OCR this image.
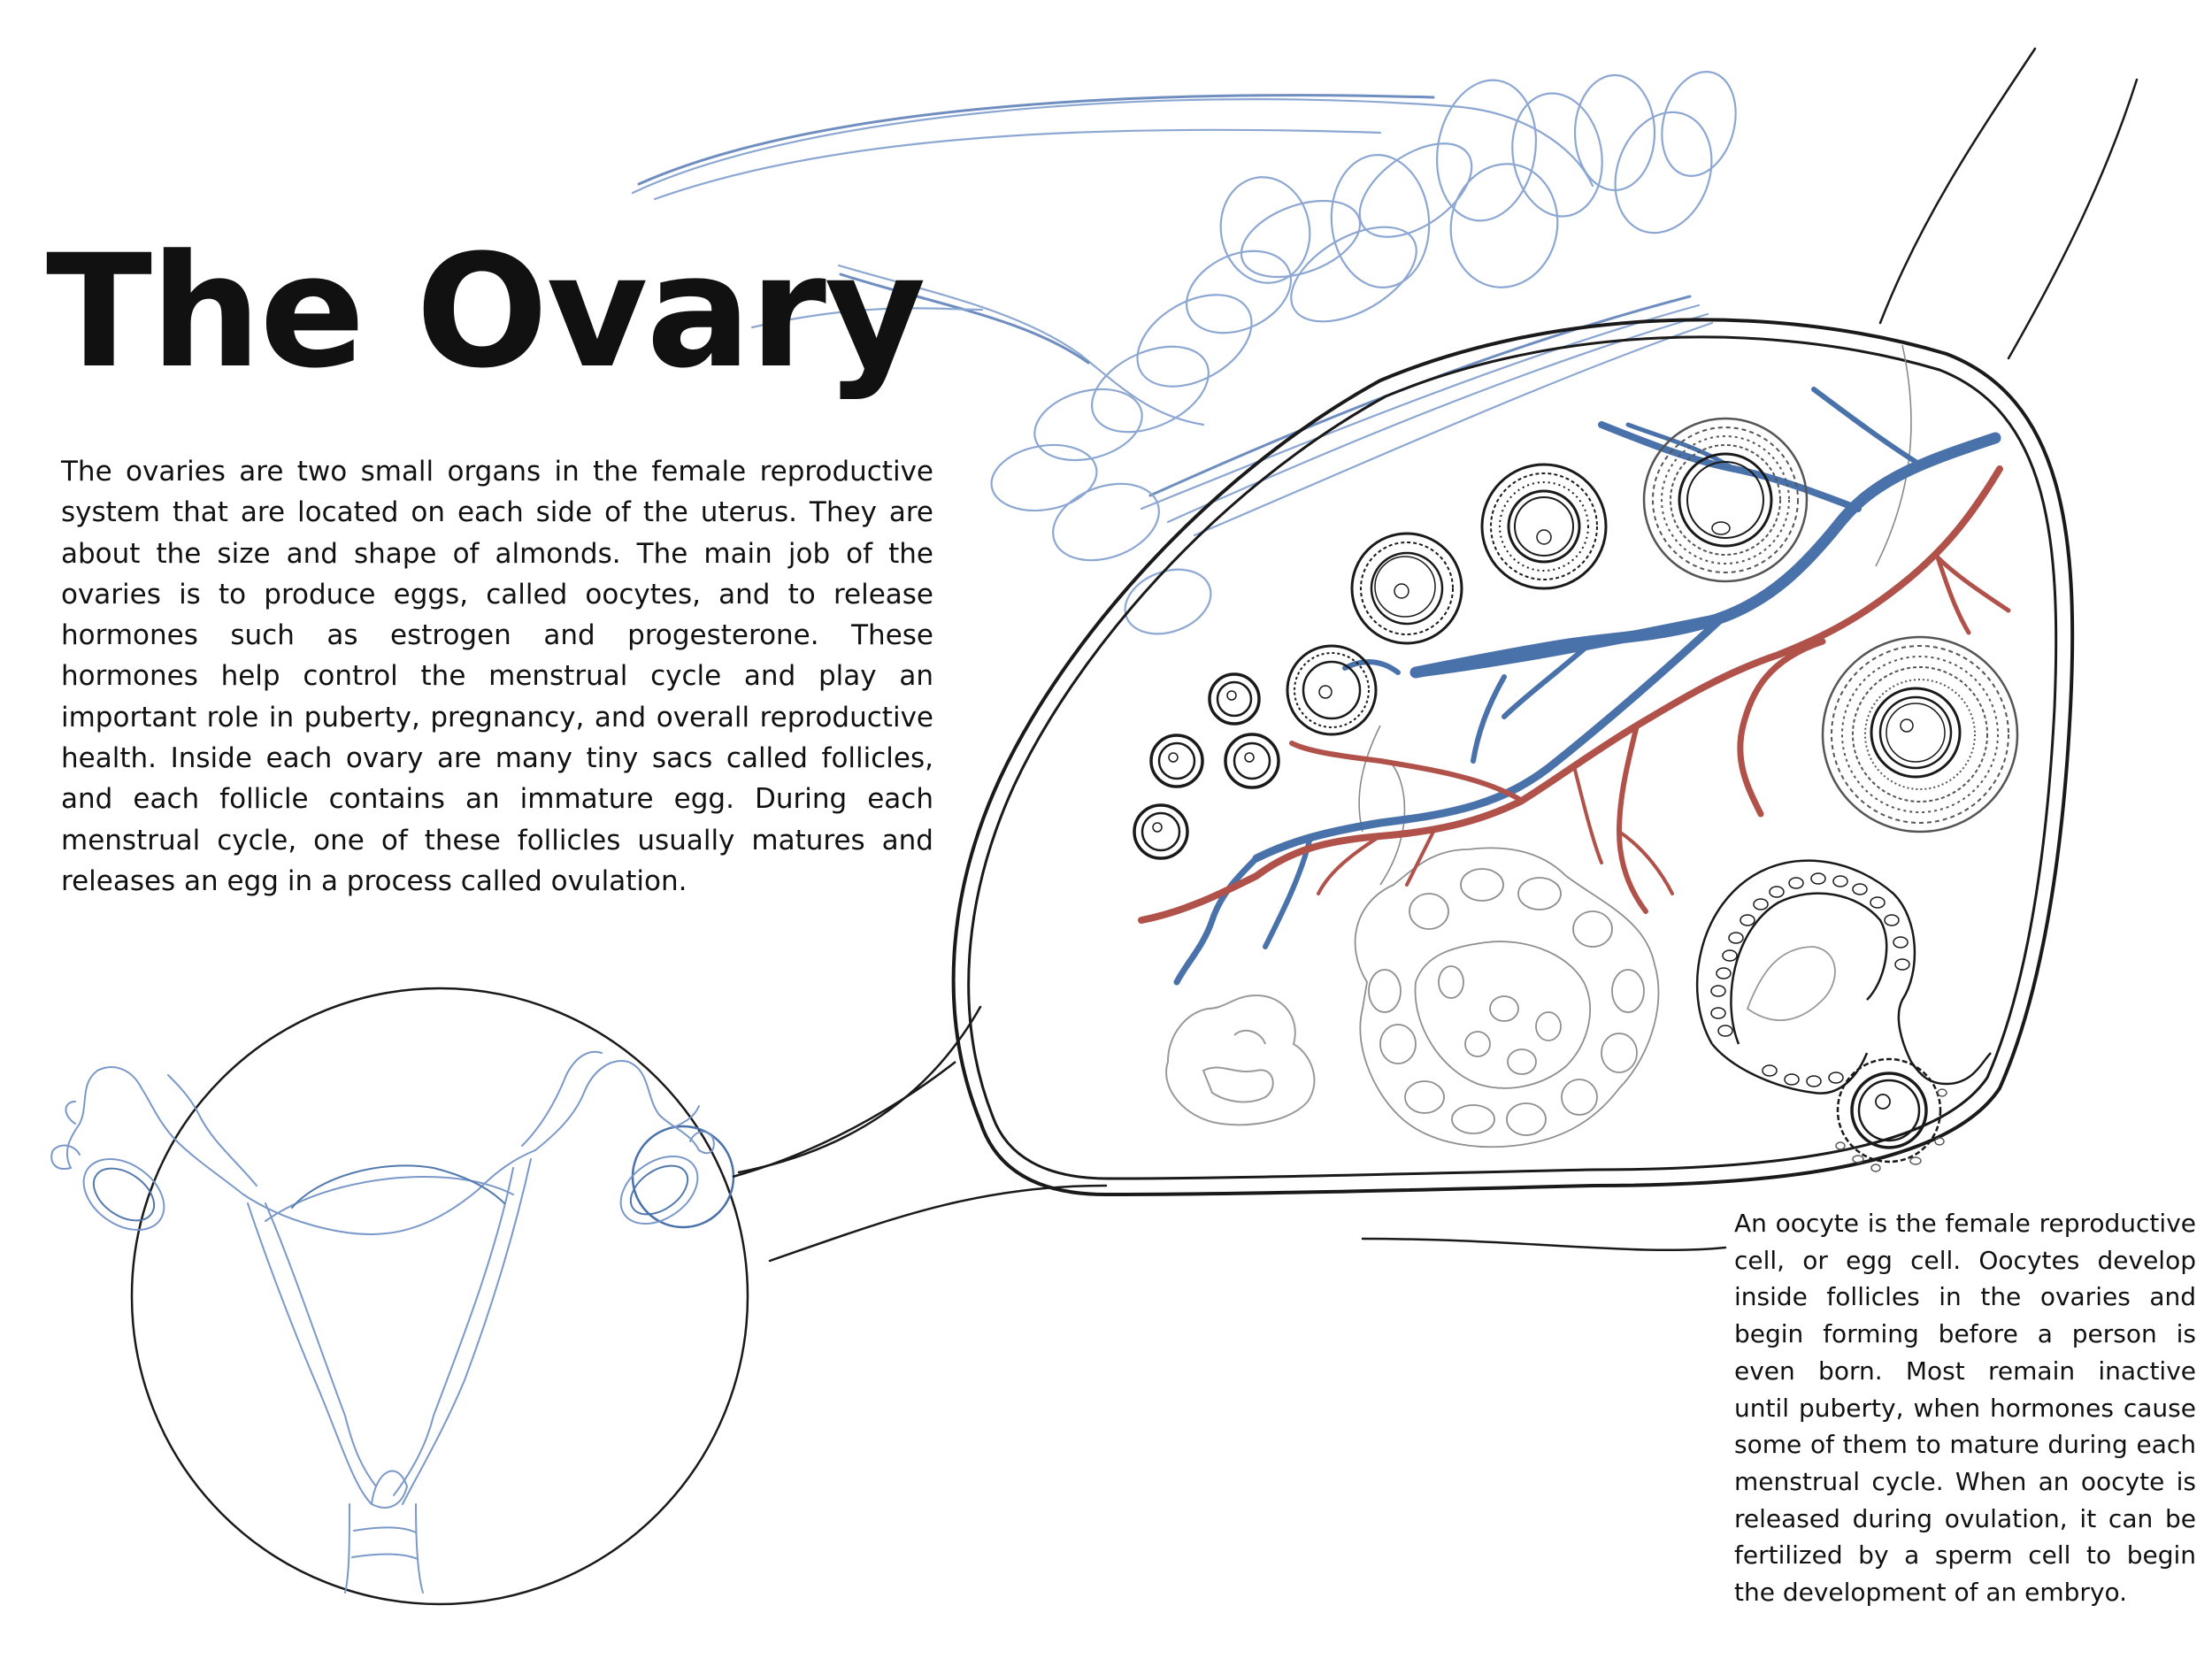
The Ovary

The ovaries are two small organs in the female reproductive system that are located on each side of the uterus. They are about the size and shape of almonds. The main job of the ovaries is to produce eggs, called oocytes, and to release hormones such as estrogen and progesterone. These hormones help control the menstrual cycle and play an important role in puberty, pregnancy, and overall reproductive health. Inside each ovary are many tiny sacs called follicles, and each follicle contains an immature egg. During each menstrual cycle, one of these follicles usually matures and releases an egg in a process called ovulation.

An oocyte is the female reproductive cell, or egg cell. Oocytes develop inside follicles in the ovaries and begin forming before a person is even born. Most remain inactive until puberty, when hormones cause some of them to mature during each menstrual cycle. When an oocyte is released during ovulation, it can be fertilized by a sperm cell to begin the development of an embryo.
